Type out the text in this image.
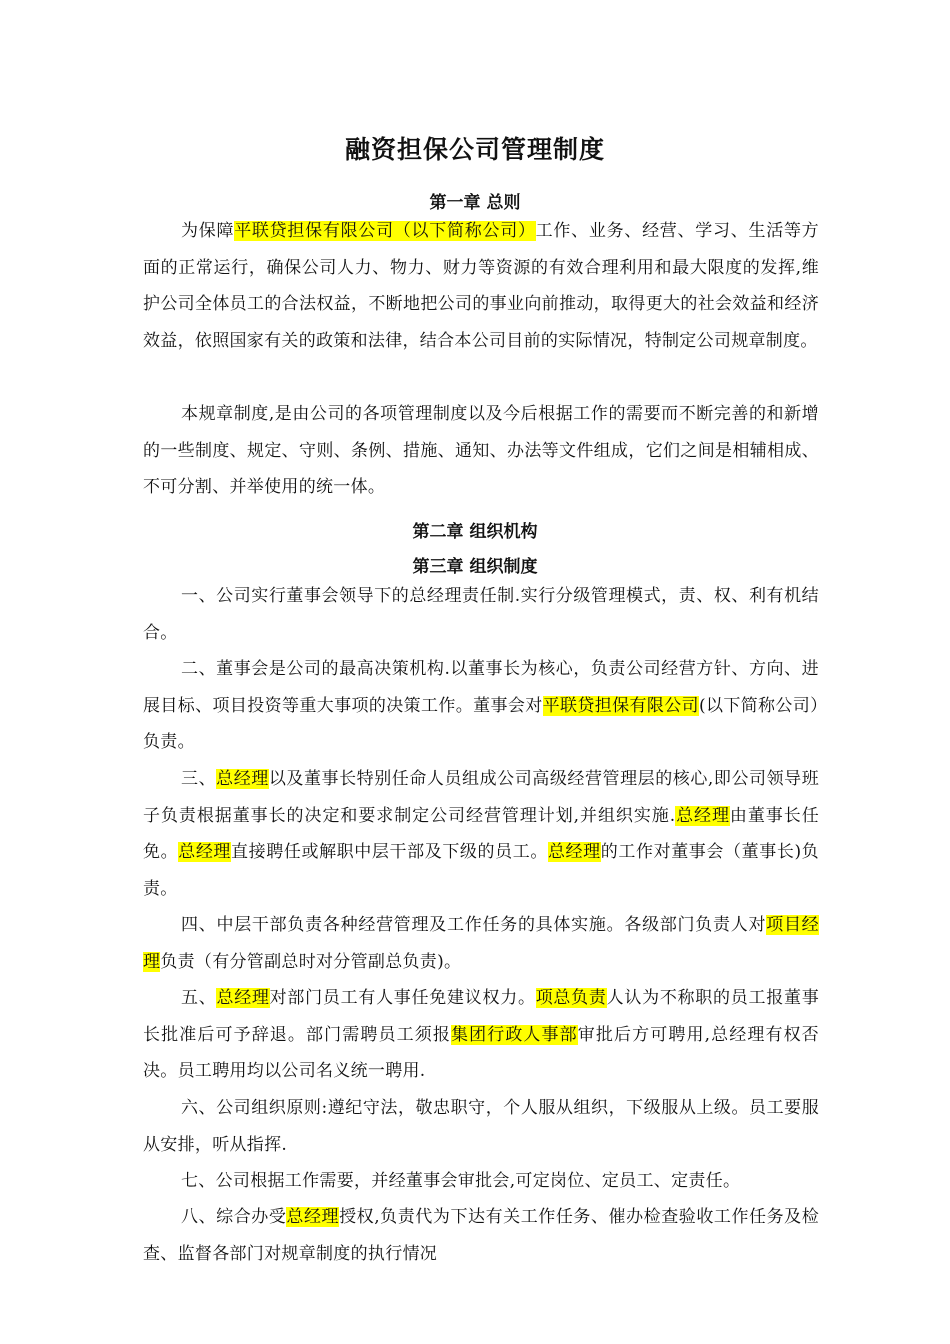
融资担保公司管理制度
第一章 总则

为保障平联贷担保有限公司（以下简称公司）工作、业务、经营、学习、生活等方面的正常运行，确保公司人力、物力、财力等资源的有效合理利用和最大限度的发挥,维护公司全体员工的合法权益，不断地把公司的事业向前推动，取得更大的社会效益和经济效益，依照国家有关的政策和法律，结合本公司目前的实际情况，特制定公司规章制度。

本规章制度,是由公司的各项管理制度以及今后根据工作的需要而不断完善的和新增的一些制度、规定、守则、条例、措施、通知、办法等文件组成，它们之间是相辅相成、不可分割、并举使用的统一体。

第二章 组织机构
第三章 组织制度

一、公司实行董事会领导下的总经理责任制.实行分级管理模式，责、权、利有机结合。

二、董事会是公司的最高决策机构.以董事长为核心，负责公司经营方针、方向、进展目标、项目投资等重大事项的决策工作。董事会对平联贷担保有限公司(以下简称公司）负责。

三、总经理以及董事长特别任命人员组成公司高级经营管理层的核心,即公司领导班子负责根据董事长的决定和要求制定公司经营管理计划,并组织实施.总经理由董事长任免。总经理直接聘任或解职中层干部及下级的员工。总经理的工作对董事会（董事长)负责。

四、中层干部负责各种经营管理及工作任务的具体实施。各级部门负责人对项目经理负责（有分管副总时对分管副总负责)。

五、总经理对部门员工有人事任免建议权力。项总负责人认为不称职的员工报董事长批准后可予辞退。部门需聘员工须报集团行政人事部审批后方可聘用,总经理有权否决。员工聘用均以公司名义统一聘用.

六、公司组织原则:遵纪守法，敬忠职守，个人服从组织，下级服从上级。员工要服从安排，听从指挥.

七、公司根据工作需要，并经董事会审批会,可定岗位、定员工、定责任。

八、综合办受总经理授权,负责代为下达有关工作任务、催办检查验收工作任务及检查、监督各部门对规章制度的执行情况
